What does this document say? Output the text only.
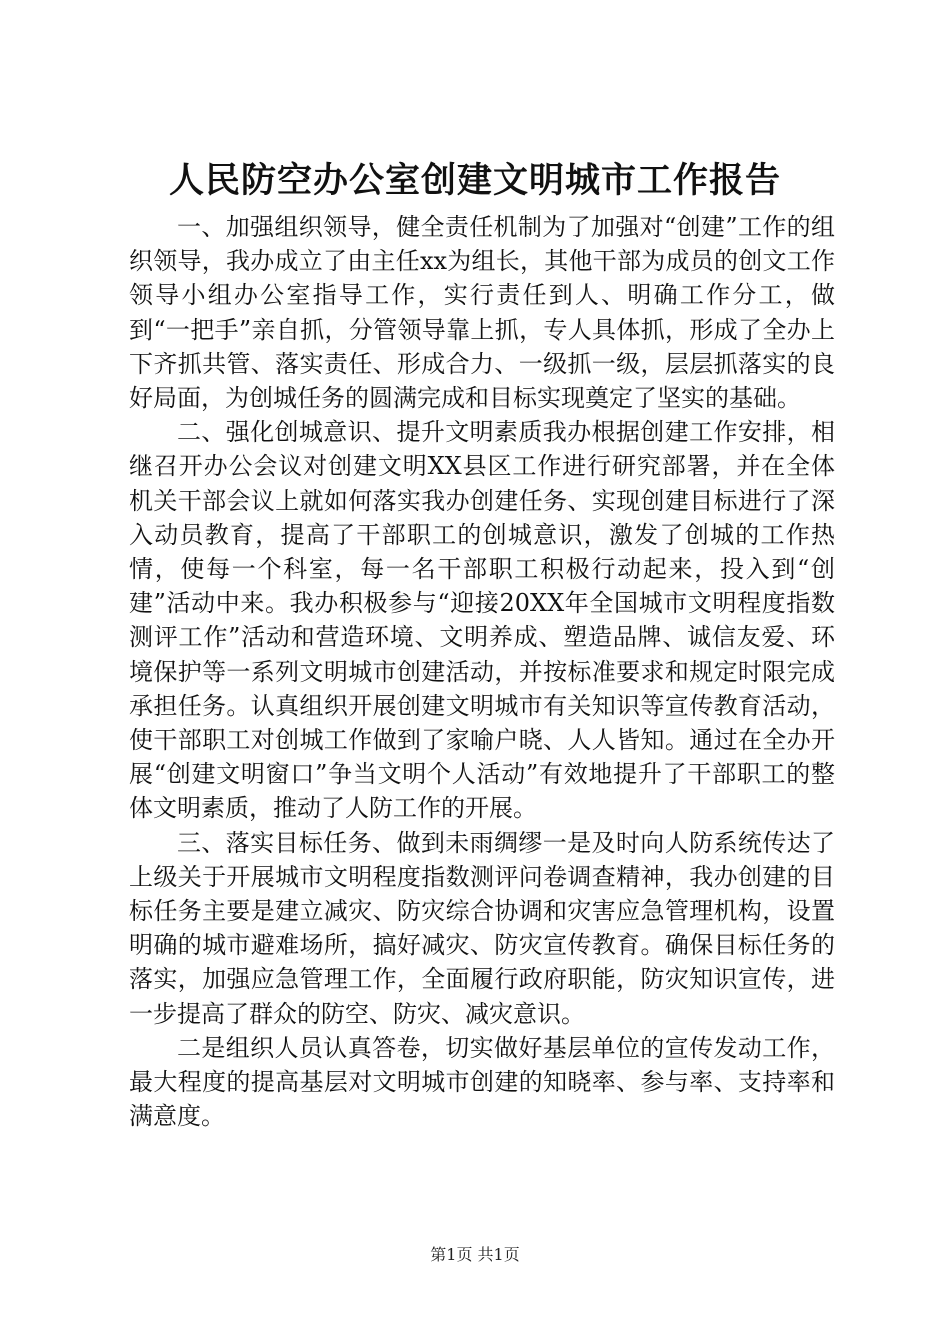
人民防空办公室创建文明城市工作报告

一、加强组织领导，健全责任机制为了加强对“创建”工作的组织领导，我办成立了由主任xx为组长，其他干部为成员的创文工作领导小组办公室指导工作，实行责任到人、明确工作分工，做到“一把手”亲自抓，分管领导靠上抓，专人具体抓，形成了全办上下齐抓共管、落实责任、形成合力、一级抓一级，层层抓落实的良好局面，为创城任务的圆满完成和目标实现奠定了坚实的基础。

二、强化创城意识、提升文明素质我办根据创建工作安排，相继召开办公会议对创建文明XX县区工作进行研究部署，并在全体机关干部会议上就如何落实我办创建任务、实现创建目标进行了深入动员教育，提高了干部职工的创城意识，激发了创城的工作热情，使每一个科室，每一名干部职工积极行动起来，投入到“创建”活动中来。我办积极参与“迎接20XX年全国城市文明程度指数测评工作”活动和营造环境、文明养成、塑造品牌、诚信友爱、环境保护等一系列文明城市创建活动，并按标准要求和规定时限完成承担任务。认真组织开展创建文明城市有关知识等宣传教育活动，使干部职工对创城工作做到了家喻户晓、人人皆知。通过在全办开展“创建文明窗口”争当文明个人活动”有效地提升了干部职工的整体文明素质，推动了人防工作的开展。

三、落实目标任务、做到未雨绸缪一是及时向人防系统传达了上级关于开展城市文明程度指数测评问卷调查精神，我办创建的目标任务主要是建立减灾、防灾综合协调和灾害应急管理机构，设置明确的城市避难场所，搞好减灾、防灾宣传教育。确保目标任务的落实，加强应急管理工作，全面履行政府职能，防灾知识宣传，进一步提高了群众的防空、防灾、减灾意识。

二是组织人员认真答卷，切实做好基层单位的宣传发动工作，最大程度的提高基层对文明城市创建的知晓率、参与率、支持率和满意度。

第1页 共1页
